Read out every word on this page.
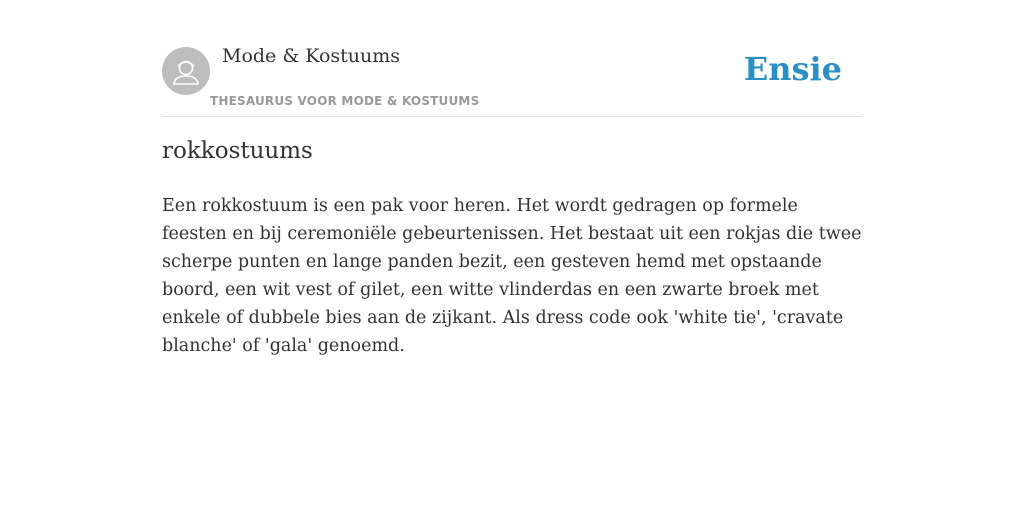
Mode & Kostuums
THESAURUS VOOR MODE & KOSTUUMS
Ensie
rokkostuums

Een rokkostuum is een pak voor heren. Het wordt gedragen op formele feesten en bij ceremoniële gebeurtenissen. Het bestaat uit een rokjas die twee scherpe punten en lange panden bezit, een gesteven hemd met opstaande boord, een wit vest of gilet, een witte vlinderdas en een zwarte broek met enkele of dubbele bies aan de zijkant. Als dress code ook 'white tie', 'cravate blanche' of 'gala' genoemd.
